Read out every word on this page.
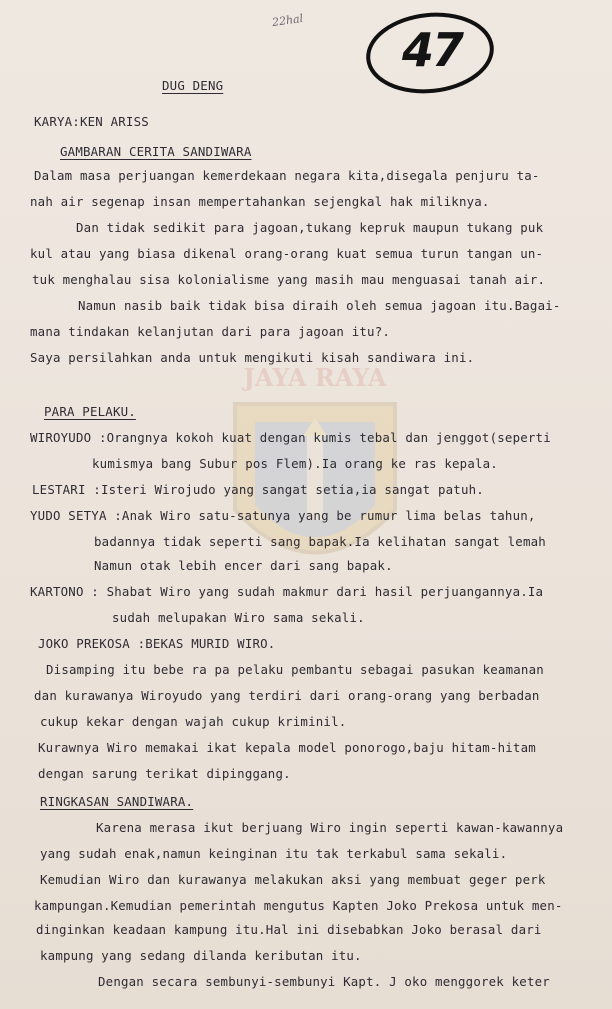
JAYA RAYA
22hal
47
DUG DENG
KARYA:KEN ARISS
GAMBARAN CERITA SANDIWARA
Dalam masa perjuangan kemerdekaan negara kita,disegala penjuru ta-
nah air segenap insan mempertahankan sejengkal hak miliknya.
Dan tidak sedikit para jagoan,tukang kepruk maupun tukang puk
kul atau yang biasa dikenal orang-orang kuat semua turun tangan un-
tuk menghalau sisa kolonialisme yang masih mau menguasai tanah air.
Namun nasib baik tidak bisa diraih oleh semua jagoan itu.Bagai-
mana tindakan kelanjutan dari para jagoan itu?.
Saya persilahkan anda untuk mengikuti kisah sandiwara ini.
PARA PELAKU.
WIROYUDO :Orangnya kokoh kuat dengan kumis tebal dan jenggot(seperti
kumismya bang Subur pos Flem).Ia orang ke ras kepala.
LESTARI :Isteri Wirojudo yang sangat setia,ia sangat patuh.
YUDO SETYA :Anak Wiro satu-satunya yang be rumur lima belas tahun,
badannya tidak seperti sang bapak.Ia kelihatan sangat lemah
Namun otak lebih encer dari sang bapak.
KARTONO : Shabat Wiro yang sudah makmur dari hasil perjuangannya.Ia
sudah melupakan Wiro sama sekali.
JOKO PREKOSA :BEKAS MURID WIRO.
Disamping itu bebe ra pa pelaku pembantu sebagai pasukan keamanan
dan kurawanya Wiroyudo yang terdiri dari orang-orang yang berbadan
cukup kekar dengan wajah cukup kriminil.
Kurawnya Wiro memakai ikat kepala model ponorogo,baju hitam-hitam
dengan sarung terikat dipinggang.
RINGKASAN SANDIWARA.
Karena merasa ikut berjuang Wiro ingin seperti kawan-kawannya
yang sudah enak,namun keinginan itu tak terkabul sama sekali.
Kemudian Wiro dan kurawanya melakukan aksi yang membuat geger perk
kampungan.Kemudian pemerintah mengutus Kapten Joko Prekosa untuk men-
dinginkan keadaan kampung itu.Hal ini disebabkan Joko berasal dari
kampung yang sedang dilanda keributan itu.
Dengan secara sembunyi-sembunyi Kapt. J oko menggorek keter
